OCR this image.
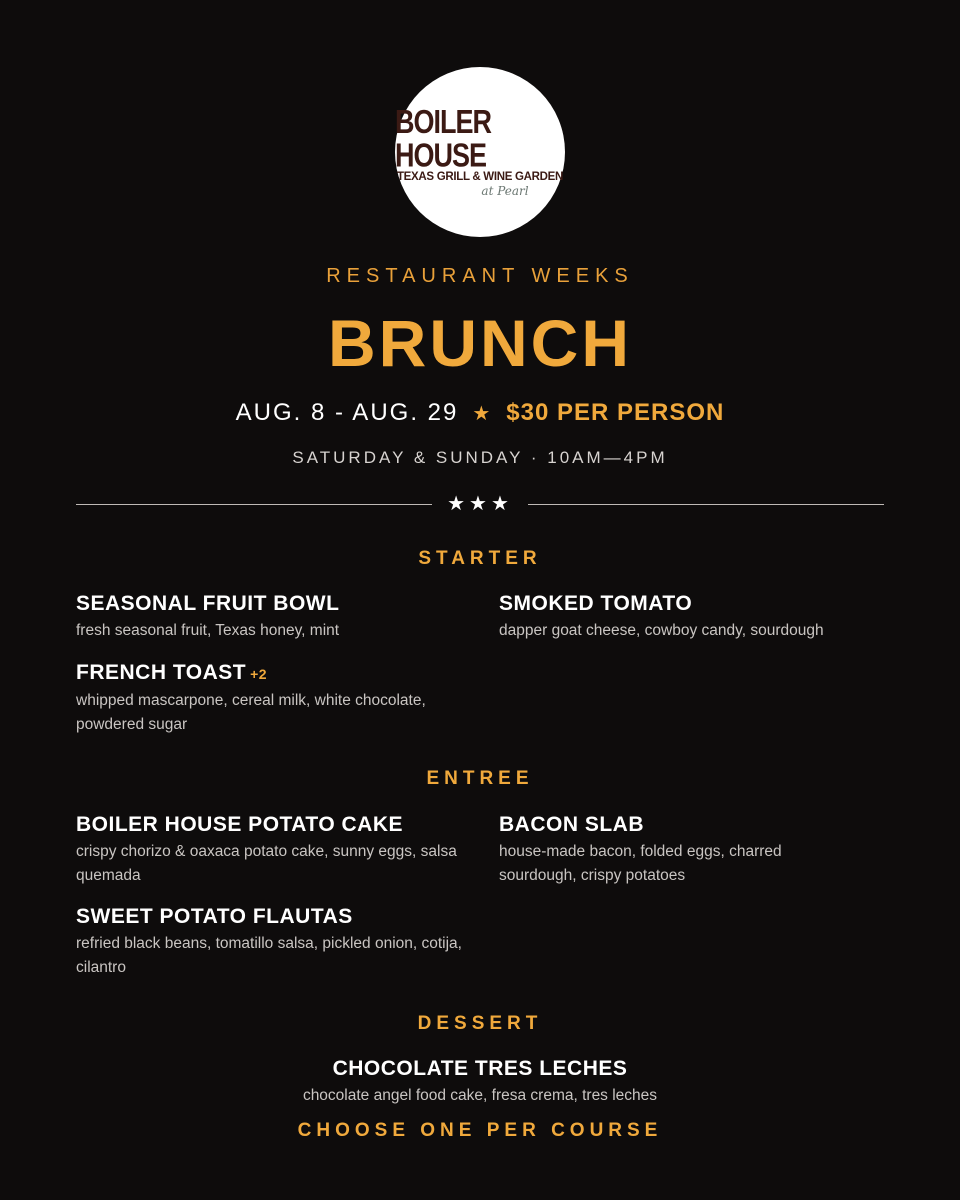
BOILER HOUSE
TEXAS GRILL & WINE GARDEN
at Pearl
RESTAURANT WEEKS
BRUNCH
AUG. 8 - AUG. 29 ★ $30 PER PERSON
SATURDAY & SUNDAY · 10AM—4PM
★★★
STARTER
SEASONAL FRUIT BOWL
fresh seasonal fruit, Texas honey, mint
SMOKED TOMATO
dapper goat cheese, cowboy candy, sourdough
FRENCH TOAST +2
whipped mascarpone, cereal milk, white chocolate, powdered sugar
ENTREE
BOILER HOUSE POTATO CAKE
crispy chorizo & oaxaca potato cake, sunny eggs, salsa quemada
BACON SLAB
house-made bacon, folded eggs, charred sourdough, crispy potatoes
SWEET POTATO FLAUTAS
refried black beans, tomatillo salsa, pickled onion, cotija, cilantro
DESSERT
CHOCOLATE TRES LECHES
chocolate angel food cake, fresa crema, tres leches
CHOOSE ONE PER COURSE
